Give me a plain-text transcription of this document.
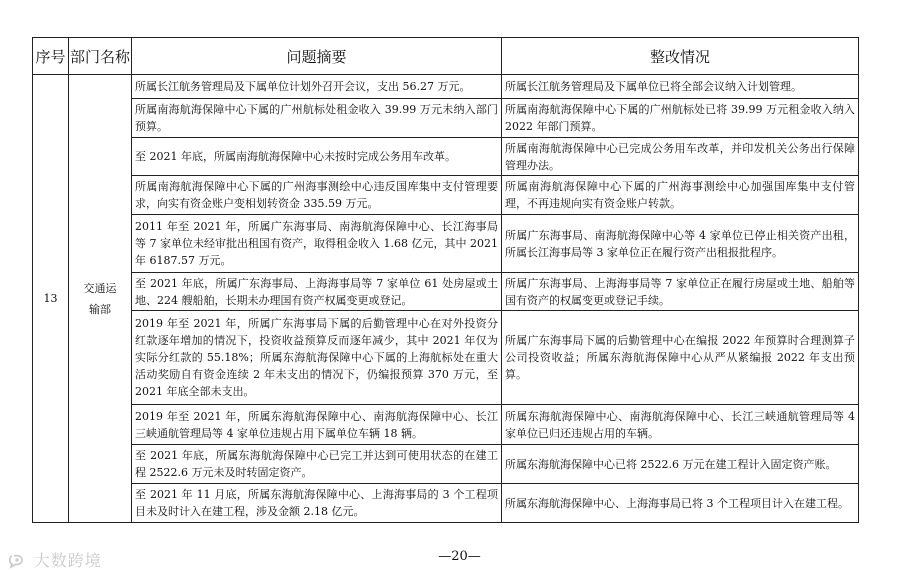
序号	部门名称	问题摘要	整改情况
13	交通运输部	所属长江航务管理局及下属单位计划外召开会议，支出 56.27 万元。	所属长江航务管理局及下属单位已将全部会议纳入计划管理。
		所属南海航海保障中心下属的广州航标处租金收入 39.99 万元未纳入部门预算。	所属南海航海保障中心下属的广州航标处已将 39.99 万元租金收入纳入 2022 年部门预算。
		至 2021 年底，所属南海航海保障中心未按时完成公务用车改革。	所属南海航海保障中心已完成公务用车改革，并印发机关公务出行保障管理办法。
		所属南海航海保障中心下属的广州海事测绘中心违反国库集中支付管理要求，向实有资金账户变相划转资金 335.59 万元。	所属南海航海保障中心下属的广州海事测绘中心加强国库集中支付管理，不再违规向实有资金账户转款。
		2011 年至 2021 年，所属广东海事局、南海航海保障中心、长江海事局等 7 家单位未经审批出租国有资产，取得租金收入 1.68 亿元，其中 2021 年 6187.57 万元。	所属广东海事局、南海航海保障中心等 4 家单位已停止相关资产出租，所属长江海事局等 3 家单位正在履行资产出租报批程序。
		至 2021 年底，所属广东海事局、上海海事局等 7 家单位 61 处房屋或土地、224 艘船舶，长期未办理国有资产权属变更或登记。	所属广东海事局、上海海事局等 7 家单位正在履行房屋或土地、船舶等国有资产的权属变更或登记手续。
		2019 年至 2021 年，所属广东海事局下属的后勤管理中心在对外投资分红款逐年增加的情况下，投资收益预算反而逐年减少，其中 2021 年仅为实际分红款的 55.18%；所属东海航海保障中心下属的上海航标处在重大活动奖励自有资金连续 2 年未支出的情况下，仍编报预算 370 万元，至 2021 年底全部未支出。	所属广东海事局下属的后勤管理中心在编报 2022 年预算时合理测算子公司投资收益；所属东海航海保障中心从严从紧编报 2022 年支出预算。
		2019 年至 2021 年，所属东海航海保障中心、南海航海保障中心、长江三峡通航管理局等 4 家单位违规占用下属单位车辆 18 辆。	所属东海航海保障中心、南海航海保障中心、长江三峡通航管理局等 4 家单位已归还违规占用的车辆。
		至 2021 年底，所属东海航海保障中心已完工并达到可使用状态的在建工程 2522.6 万元未及时转固定资产。	所属东海航海保障中心已将 2522.6 万元在建工程计入固定资产账。
		至 2021 年 11 月底，所属东海航海保障中心、上海海事局的 3 个工程项目未及时计入在建工程，涉及金额 2.18 亿元。	所属东海航海保障中心、上海海事局已将 3 个工程项目计入在建工程。
大数跨境	—20—
